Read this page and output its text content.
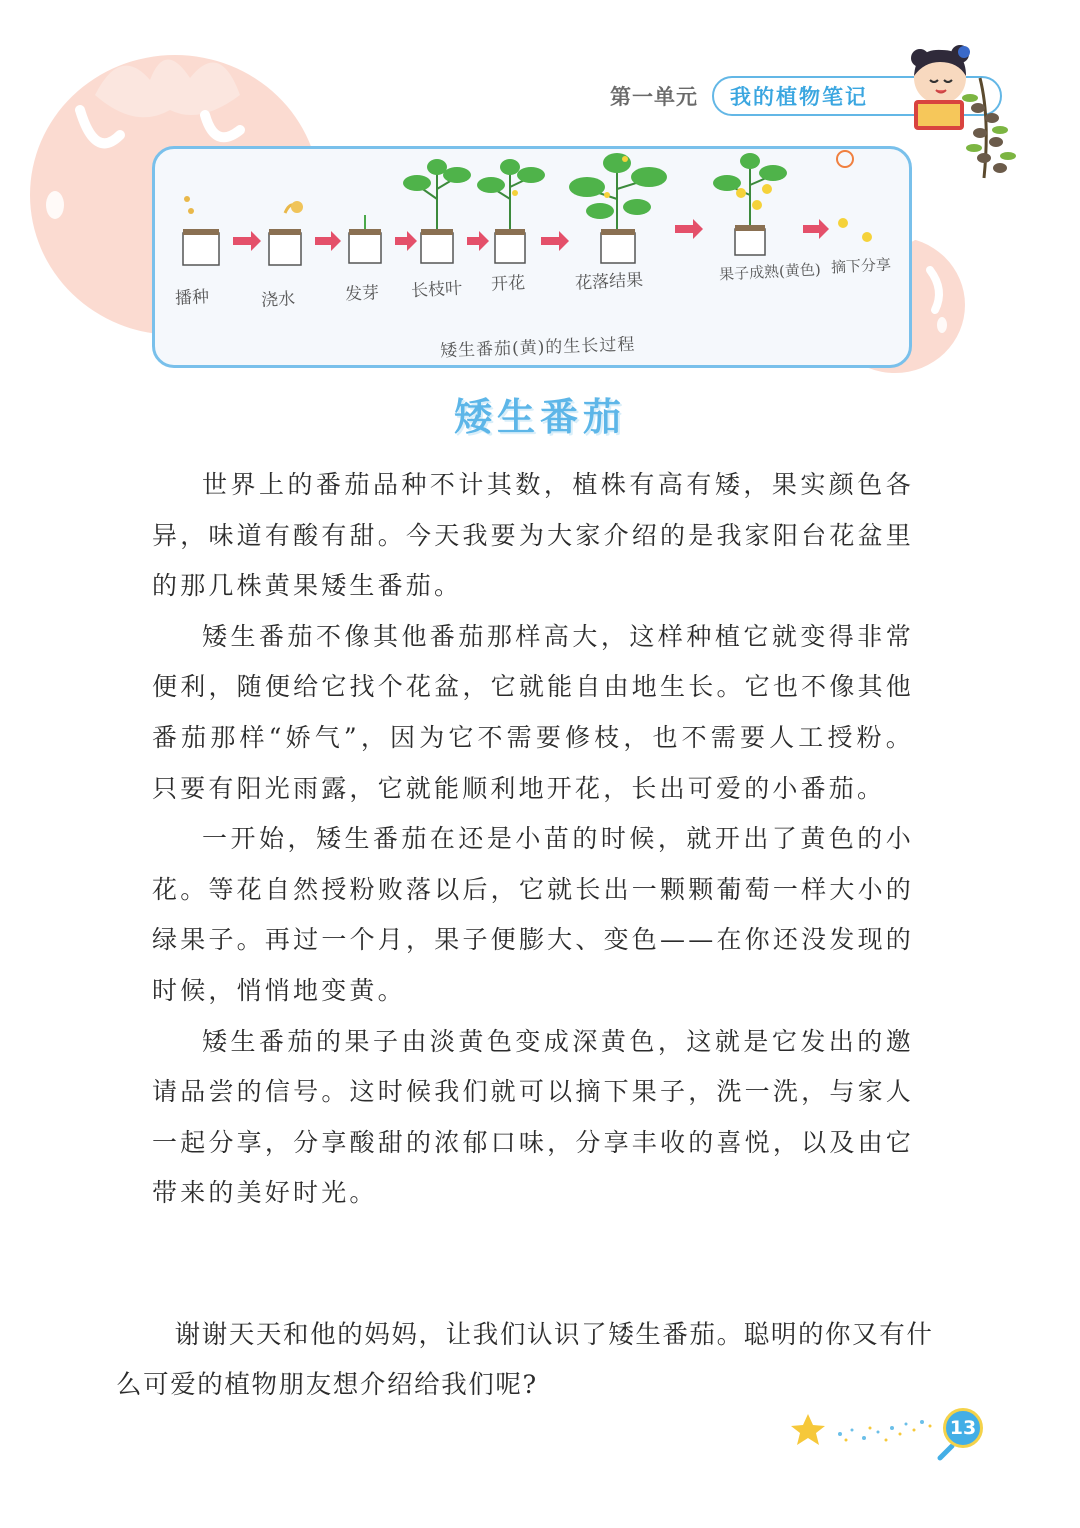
第一单元 我的植物笔记
播种	浇水	发芽 长枝叶 开花	花落结果	果子成熟(黄色) 摘下分享
矮生番茄(黄)的生长过程
矮生番茄

世界上的番茄品种不计其数，植株有高有矮，果实颜色各异，味道有酸有甜。今天我要为大家介绍的是我家阳台花盆里的那几株黄果矮生番茄。

矮生番茄不像其他番茄那样高大，这样种植它就变得非常便利，随便给它找个花盆，它就能自由地生长。它也不像其他番茄那样“娇气”，因为它不需要修枝，也不需要人工授粉。只要有阳光雨露，它就能顺利地开花，长出可爱的小番茄。

一开始，矮生番茄在还是小苗的时候，就开出了黄色的小花。等花自然授粉败落以后，它就长出一颗颗葡萄一样大小的绿果子。再过一个月，果子便膨大、变色——在你还没发现的时候，悄悄地变黄。

矮生番茄的果子由淡黄色变成深黄色，这就是它发出的邀请品尝的信号。这时候我们就可以摘下果子，洗一洗，与家人一起分享，分享酸甜的浓郁口味，分享丰收的喜悦，以及由它带来的美好时光。

谢谢天天和他的妈妈，让我们认识了矮生番茄。聪明的你又有什么可爱的植物朋友想介绍给我们呢?

13
